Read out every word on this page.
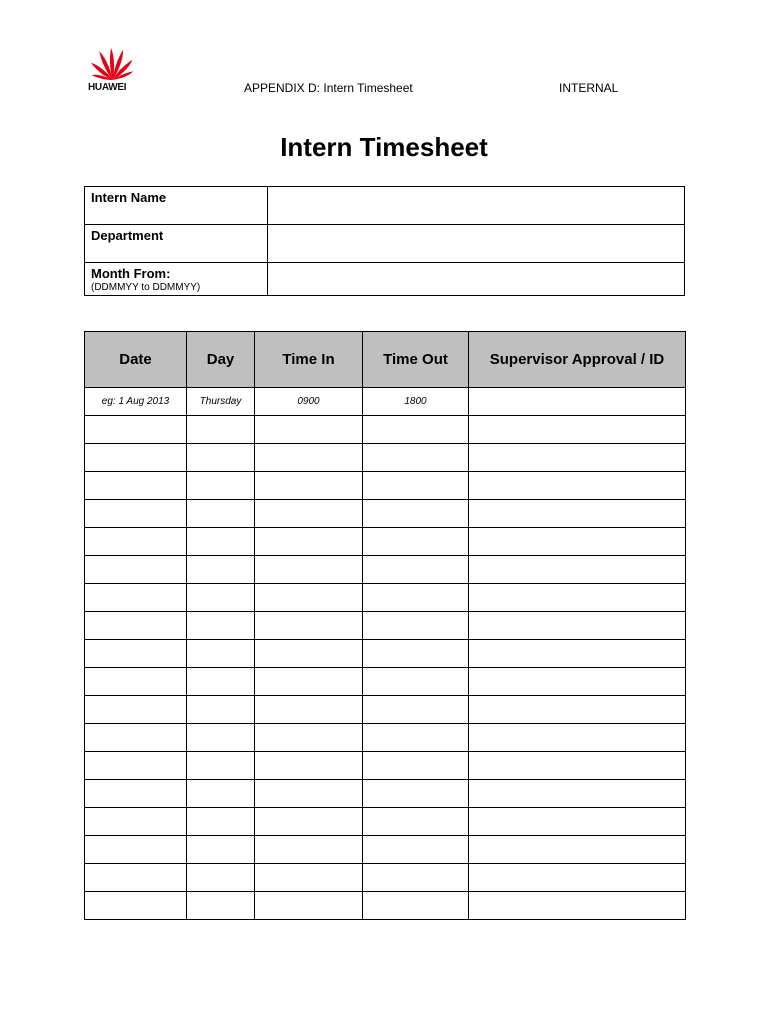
HUAWEI	APPENDIX D: Intern Timesheet	INTERNAL
Intern Timesheet
Intern Name	
Department	
Month From:
(DDMMYY to DDMMYY)	

Date	Day	Time In	Time Out	Supervisor Approval / ID
eg: 1 Aug 2013	Thursday	0900	1800	
